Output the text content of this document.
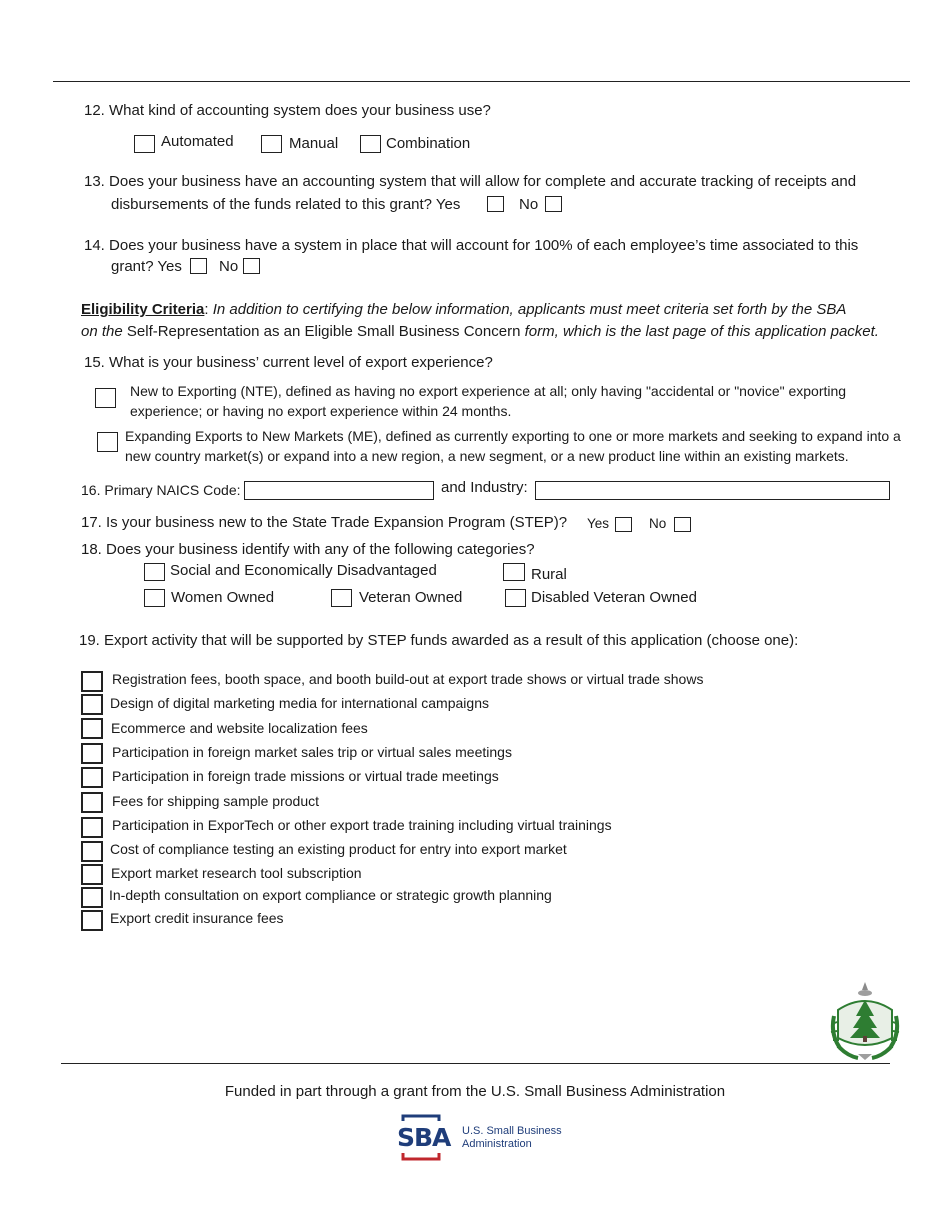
12. What kind of accounting system does your business use?
Automated	Manual	Combination
13. Does your business have an accounting system that will allow for complete and accurate tracking of receipts and
disbursements of the funds related to this grant? Yes	No
14. Does your business have a system in place that will account for 100% of each employee’s time associated to this
grant? Yes No
Eligibility Criteria: In addition to certifying the below information, applicants must meet criteria set forth by the SBA
on the Self-Representation as an Eligible Small Business Concern form, which is the last page of this application packet.
15. What is your business’ current level of export experience?
New to Exporting (NTE), defined as having no export experience at all; only having "accidental or "novice" exporting
experience; or having no export experience within 24 months.
Expanding Exports to New Markets (ME), defined as currently exporting to one or more markets and seeking to expand into a
new country market(s) or expand into a new region, a new segment, or a new product line within an existing markets.
16. Primary NAICS Code:	and Industry:
17. Is your business new to the State Trade Expansion Program (STEP)? Yes	No
18. Does your business identify with any of the following categories?
Social and Economically Disadvantaged	Rural
Women Owned	Veteran Owned	Disabled Veteran Owned
19. Export activity that will be supported by STEP funds awarded as a result of this application (choose one):
Registration fees, booth space, and booth build-out at export trade shows or virtual trade shows
Design of digital marketing media for international campaigns
Ecommerce and website localization fees
Participation in foreign market sales trip or virtual sales meetings
Participation in foreign trade missions or virtual trade meetings
Fees for shipping sample product
Participation in ExporTech or other export trade training including virtual trainings
Cost of compliance testing an existing product for entry into export market
Export market research tool subscription
In-depth consultation on export compliance or strategic growth planning
Export credit insurance fees
Funded in part through a grant from the U.S. Small Business Administration
SBA U.S. Small Business
Administration
